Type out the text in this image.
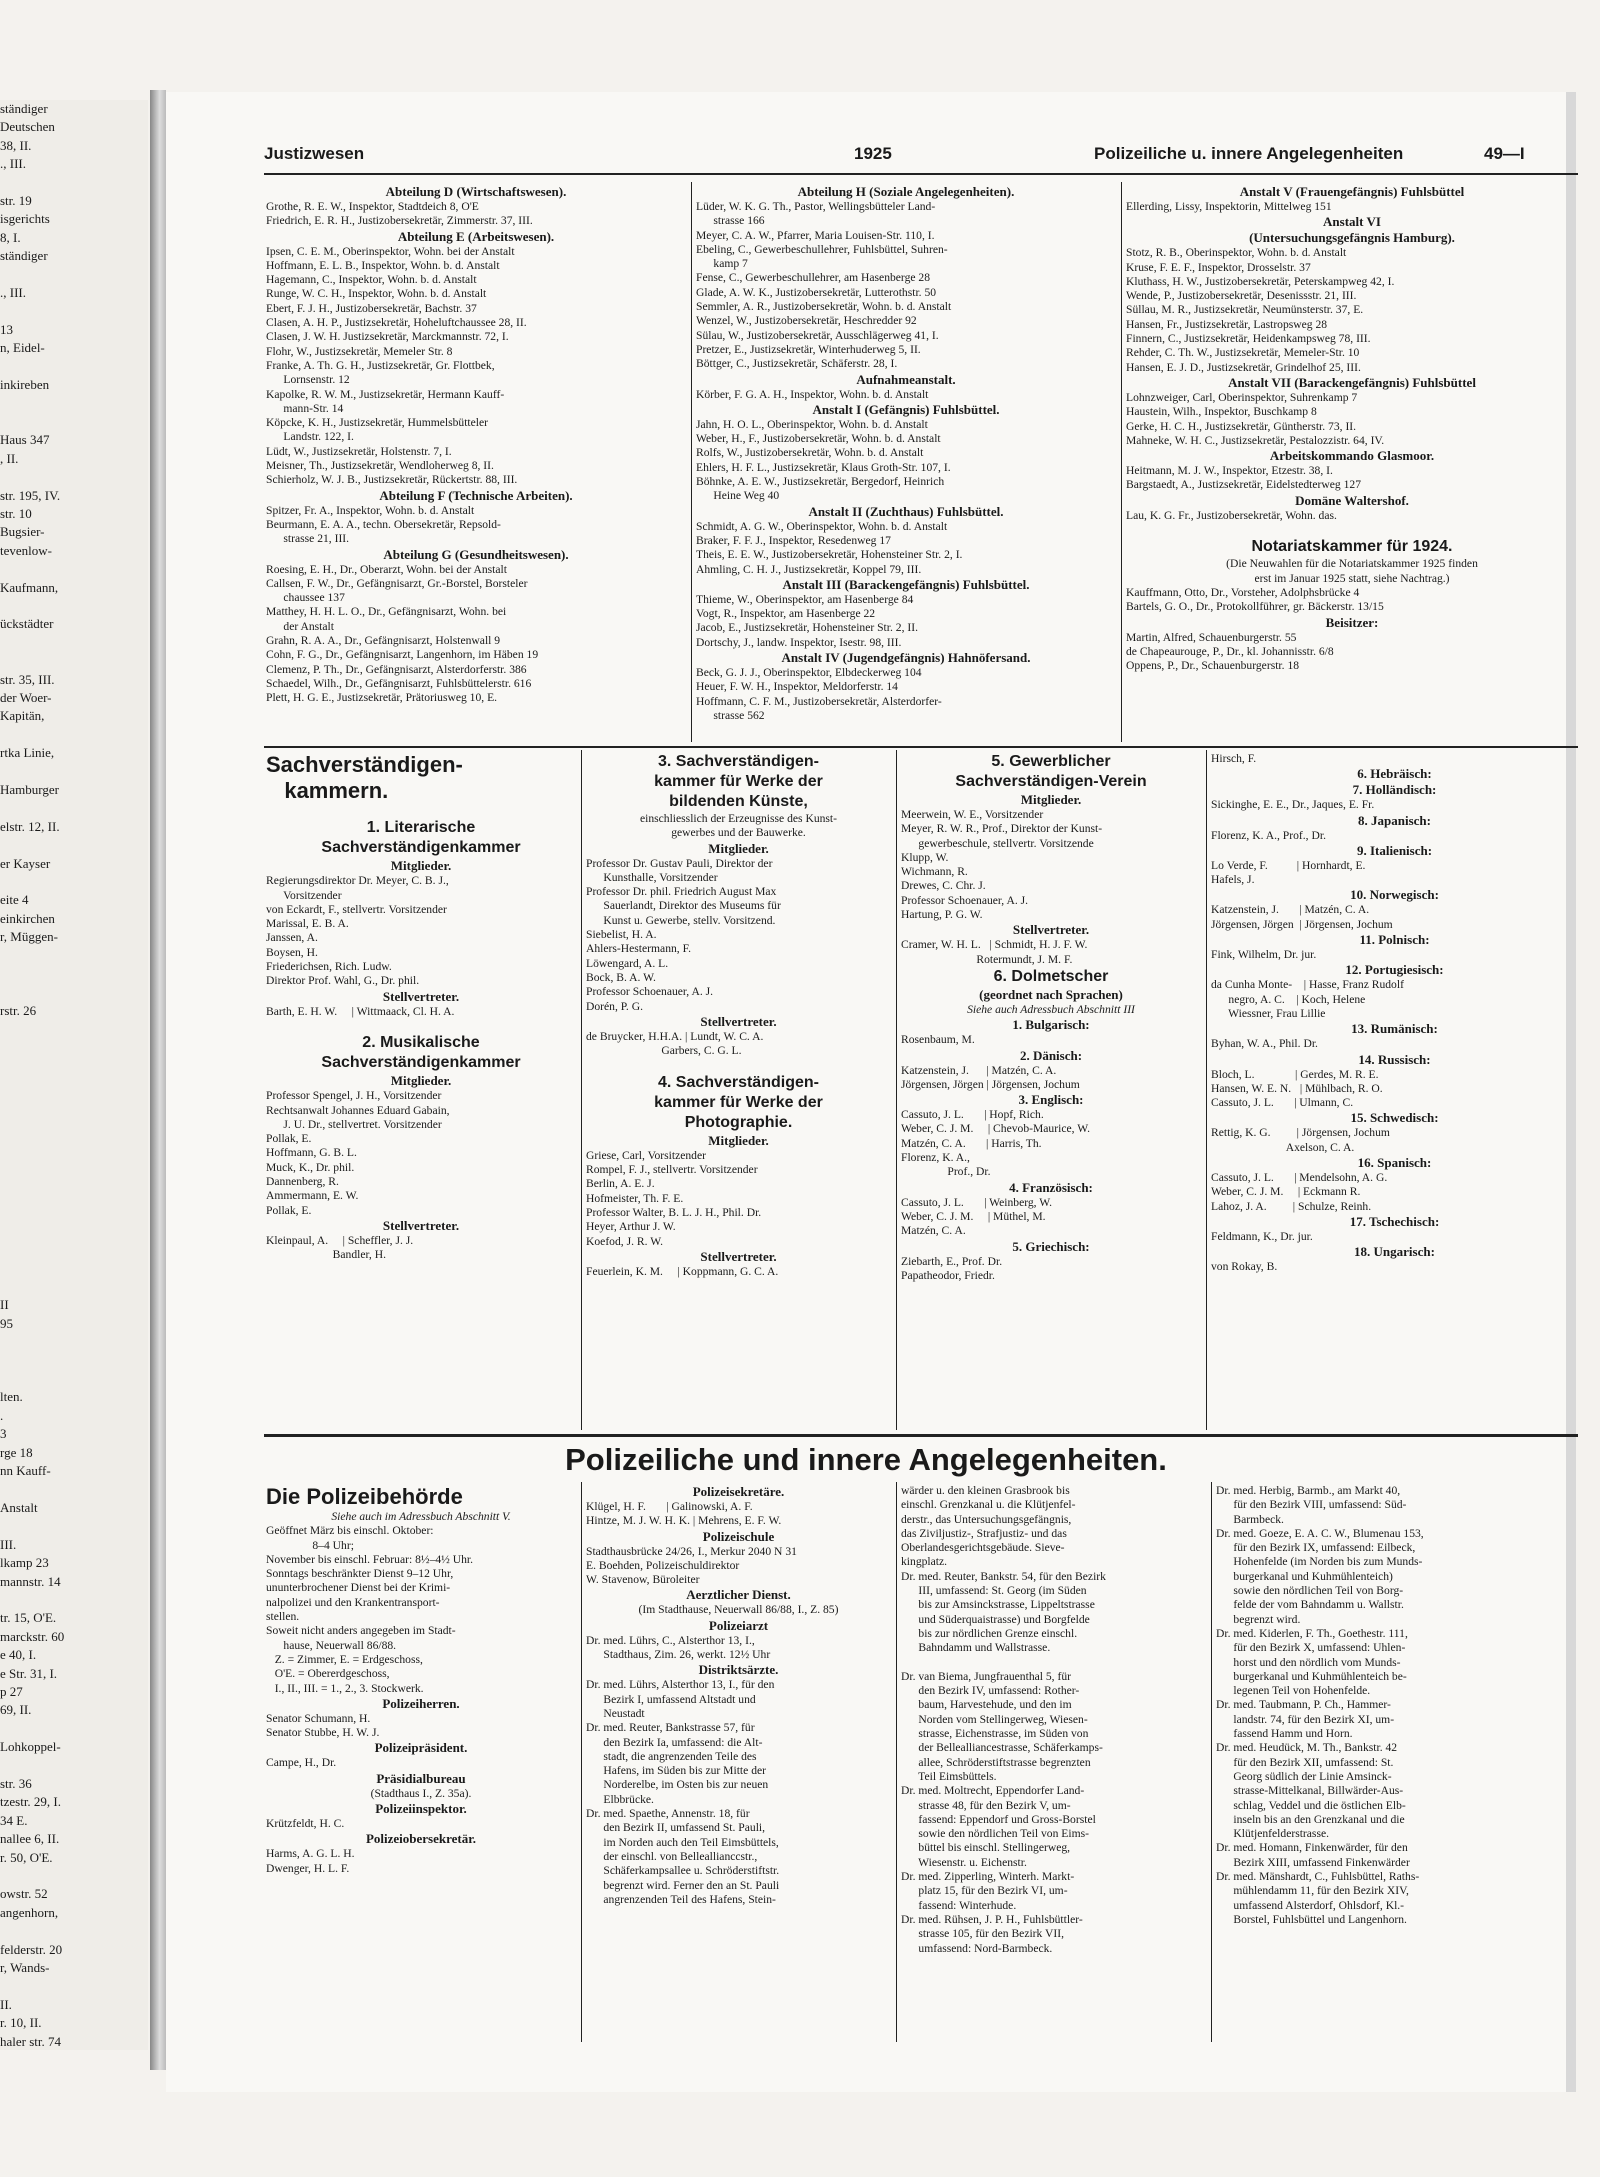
ständiger
Deutschen
38, II.
., III.

str. 19
isgerichts
8, I.
ständiger

., III.

13
n, Eidel-

inkireben

Haus 347
, II.

str. 195, IV.
str. 10
Bugsier-
tevenlow-

Kaufmann,

ückstädter

str. 35, III.
der Woer-
Kapitän,

rtka Linie,

Hamburger

elstr. 12, II.

er Kayser

eite 4
einkirchen
r, Müggen-

rstr. 26

II
95

lten.
.
3
rge 18
nn Kauff-

Anstalt

III.
lkamp 23
mannstr. 14

tr. 15, O'E.
marckstr. 60
e 40, I.
e Str. 31, I.
p 27
69, II.

Lohkoppel-

str. 36
tzestr. 29, I.
34 E.
nallee 6, II.
r. 50, O'E.

owstr. 52
angenhorn,

felderstr. 20
r, Wands-

II.
r. 10, II.
haler str. 74
Justizwesen	1925	Polizeiliche u. innere Angelegenheiten	49—I
Abteilung D (Wirtschaftswesen).
Grothe, R. E. W., Inspektor, Stadtdeich 8, O'E
Friedrich, E. R. H., Justizobersekretär, Zimmerstr. 37, III.
Abteilung E (Arbeitswesen).
Ipsen, C. E. M., Oberinspektor, Wohn. bei der Anstalt
Hoffmann, E. L. B., Inspektor, Wohn. b. d. Anstalt
Hagemann, C., Inspektor, Wohn. b. d. Anstalt
Runge, W. C. H., Inspektor, Wohn. b. d. Anstalt
Ebert, F. J. H., Justizobersekretär, Bachstr. 37
Clasen, A. H. P., Justizsekretär, Hoheluftchaussee 28, II.
Clasen, J. W. H. Justizsekretär, Marckmannstr. 72, I.
Flohr, W., Justizsekretär, Memeler Str. 8
Franke, A. Th. G. H., Justizsekretär, Gr. Flottbek,
Lornsenstr. 12
Kapolke, R. W. M., Justizsekretär, Hermann Kauff-
mann-Str. 14
Köpcke, K. H., Justizsekretär, Hummelsbütteler
Landstr. 122, I.
Lüdt, W., Justizsekretär, Holstenstr. 7, I.
Meisner, Th., Justizsekretär, Wendloherweg 8, II.
Schierholz, W. J. B., Justizsekretär, Rückertstr. 88, III.
Abteilung F (Technische Arbeiten).
Spitzer, Fr. A., Inspektor, Wohn. b. d. Anstalt
Beurmann, E. A. A., techn. Obersekretär, Repsold-
strasse 21, III.
Abteilung G (Gesundheitswesen).
Roesing, E. H., Dr., Oberarzt, Wohn. bei der Anstalt
Callsen, F. W., Dr., Gefängnisarzt, Gr.-Borstel, Borsteler
chaussee 137
Matthey, H. H. L. O., Dr., Gefängnisarzt, Wohn. bei
der Anstalt
Grahn, R. A. A., Dr., Gefängnisarzt, Holstenwall 9
Cohn, F. G., Dr., Gefängnisarzt, Langenhorn, im Häben 19
Clemenz, P. Th., Dr., Gefängnisarzt, Alsterdorferstr. 386
Schaedel, Wilh., Dr., Gefängnisarzt, Fuhlsbüttelerstr. 616
Plett, H. G. E., Justizsekretär, Prätoriusweg 10, E.
Abteilung H (Soziale Angelegenheiten).
Lüder, W. K. G. Th., Pastor, Wellingsbütteler Land-
strasse 166
Meyer, C. A. W., Pfarrer, Maria Louisen-Str. 110, I.
Ebeling, C., Gewerbeschullehrer, Fuhlsbüttel, Suhren-
kamp 7
Fense, C., Gewerbeschullehrer, am Hasenberge 28
Glade, A. W. K., Justizobersekretär, Lutterothstr. 50
Semmler, A. R., Justizobersekretär, Wohn. b. d. Anstalt
Wenzel, W., Justizobersekretär, Heschredder 92
Sülau, W., Justizobersekretär, Ausschlägerweg 41, I.
Pretzer, E., Justizsekretär, Winterhuderweg 5, II.
Böttger, C., Justizsekretär, Schäferstr. 28, I.
Aufnahmeanstalt.
Körber, F. G. A. H., Inspektor, Wohn. b. d. Anstalt
Anstalt I (Gefängnis) Fuhlsbüttel.
Jahn, H. O. L., Oberinspektor, Wohn. b. d. Anstalt
Weber, H., F., Justizobersekretär, Wohn. b. d. Anstalt
Rolfs, W., Justizobersekretär, Wohn. b. d. Anstalt
Ehlers, H. F. L., Justizsekretär, Klaus Groth-Str. 107, I.
Böhnke, A. E. W., Justizsekretär, Bergedorf, Heinrich
Heine Weg 40
Anstalt II (Zuchthaus) Fuhlsbüttel.
Schmidt, A. G. W., Oberinspektor, Wohn. b. d. Anstalt
Braker, F. F. J., Inspektor, Resedenweg 17
Theis, E. E. W., Justizobersekretär, Hohensteiner Str. 2, I.
Ahmling, C. H. J., Justizsekretär, Koppel 79, III.
Anstalt III (Barackengefängnis) Fuhlsbüttel.
Thieme, W., Oberinspektor, am Hasenberge 84
Vogt, R., Inspektor, am Hasenberge 22
Jacob, E., Justizsekretär, Hohensteiner Str. 2, II.
Dortschy, J., landw. Inspektor, Isestr. 98, III.
Anstalt IV (Jugendgefängnis) Hahnöfersand.
Beck, G. J. J., Oberinspektor, Elbdeckerweg 104
Heuer, F. W. H., Inspektor, Meldorferstr. 14
Hoffmann, C. F. M., Justizobersekretär, Alsterdorfer-
strasse 562
Anstalt V (Frauengefängnis) Fuhlsbüttel
Ellerding, Lissy, Inspektorin, Mittelweg 151
Anstalt VI
(Untersuchungsgefängnis Hamburg).
Stotz, R. B., Oberinspektor, Wohn. b. d. Anstalt
Kruse, F. E. F., Inspektor, Drosselstr. 37
Kluthass, H. W., Justizobersekretär, Peterskampweg 42, I.
Wende, P., Justizobersekretär, Desenissstr. 21, III.
Süllau, M. R., Justizsekretär, Neumünsterstr. 37, E.
Hansen, Fr., Justizsekretär, Lastropsweg 28
Finnern, C., Justizsekretär, Heidenkampsweg 78, III.
Rehder, C. Th. W., Justizsekretär, Memeler-Str. 10
Hansen, E. J. D., Justizsekretär, Grindelhof 25, III.
Anstalt VII (Barackengefängnis) Fuhlsbüttel
Lohnzweiger, Carl, Oberinspektor, Suhrenkamp 7
Haustein, Wilh., Inspektor, Buschkamp 8
Gerke, H. C. H., Justizsekretär, Güntherstr. 73, II.
Mahneke, W. H. C., Justizsekretär, Pestalozzistr. 64, IV.
Arbeitskommando Glasmoor.
Heitmann, M. J. W., Inspektor, Etzestr. 38, I.
Bargstaedt, A., Justizsekretär, Eidelstedterweg 127
Domäne Waltershof.
Lau, K. G. Fr., Justizobersekretär, Wohn. das.

Notariatskammer für 1924.
(Die Neuwahlen für die Notariatskammer 1925 finden
erst im Januar 1925 statt, siehe Nachtrag.)
Kauffmann, Otto, Dr., Vorsteher, Adolphsbrücke 4
Bartels, G. O., Dr., Protokollführer, gr. Bäckerstr. 13/15
Beisitzer:
Martin, Alfred, Schauenburgerstr. 55
de Chapeaurouge, P., Dr., kl. Johannisstr. 6/8
Oppens, P., Dr., Schauenburgerstr. 18
Sachverständigen-
kammern.

1. Literarische
Sachverständigenkammer
Mitglieder.
Regierungsdirektor Dr. Meyer, C. B. J.,
Vorsitzender
von Eckardt, F., stellvertr. Vorsitzender
Marissal, E. B. A.
Janssen, A.
Boysen, H.
Friederichsen, Rich. Ludw.
Direktor Prof. Wahl, G., Dr. phil.
Stellvertreter.
Barth, E. H. W.     | Wittmaack, Cl. H. A.

2. Musikalische
Sachverständigenkammer
Mitglieder.
Professor Spengel, J. H., Vorsitzender
Rechtsanwalt Johannes Eduard Gabain,
J. U. Dr., stellvertret. Vorsitzender
Pollak, E.
Hoffmann, G. B. L.
Muck, K., Dr. phil.
Dannenberg, R.
Ammermann, E. W.
Pollak, E.
Stellvertreter.
Kleinpaul, A.     | Scheffler, J. J.
Bandler, H.
3. Sachverständigen-
kammer für Werke der
bildenden Künste,
einschliesslich der Erzeugnisse des Kunst-
gewerbes und der Bauwerke.
Mitglieder.
Professor Dr. Gustav Pauli, Direktor der
Kunsthalle, Vorsitzender
Professor Dr. phil. Friedrich August Max
Sauerlandt, Direktor des Museums für
Kunst u. Gewerbe, stellv. Vorsitzend.
Siebelist, H. A.
Ahlers-Hestermann, F.
Löwengard, A. L.
Bock, B. A. W.
Professor Schoenauer, A. J.
Dorén, P. G.
Stellvertreter.
de Bruycker, H.H.A. | Lundt, W. C. A.
Garbers, C. G. L.

4. Sachverständigen-
kammer für Werke der
Photographie.
Mitglieder.
Griese, Carl, Vorsitzender
Rompel, F. J., stellvertr. Vorsitzender
Berlin, A. E. J.
Hofmeister, Th. F. E.
Professor Walter, B. L. J. H., Phil. Dr.
Heyer, Arthur J. W.
Koefod, J. R. W.
Stellvertreter.
Feuerlein, K. M.     | Koppmann, G. C. A.
5. Gewerblicher
Sachverständigen-Verein
Mitglieder.
Meerwein, W. E., Vorsitzender
Meyer, R. W. R., Prof., Direktor der Kunst-
gewerbeschule, stellvertr. Vorsitzende
Klupp, W.
Wichmann, R.
Drewes, C. Chr. J.
Professor Schoenauer, A. J.
Hartung, P. G. W.
Stellvertreter.
Cramer, W. H. L.   | Schmidt, H. J. F. W.
Rotermundt, J. M. F.
6. Dolmetscher
(geordnet nach Sprachen)
Siehe auch Adressbuch Abschnitt III
1. Bulgarisch:
Rosenbaum, M.
2. Dänisch:
Katzenstein, J.      | Matzén, C. A.
Jörgensen, Jörgen | Jörgensen, Jochum
3. Englisch:
Cassuto, J. L.       | Hopf, Rich.
Weber, C. J. M.     | Chevob-Maurice, W.
Matzén, C. A.       | Harris, Th.
Florenz, K. A.,
Prof., Dr.
4. Französisch:
Cassuto, J. L.       | Weinberg, W.
Weber, C. J. M.     | Müthel, M.
Matzén, C. A.
5. Griechisch:
Ziebarth, E., Prof. Dr.
Papatheodor, Friedr.
Hirsch, F.
6. Hebräisch:
7. Holländisch:
Sickinghe, E. E., Dr., Jaques, E. Fr.
8. Japanisch:
Florenz, K. A., Prof., Dr.
9. Italienisch:
Lo Verde, F.          | Hornhardt, E.
Hafels, J.
10. Norwegisch:
Katzenstein, J.       | Matzén, C. A.
Jörgensen, Jörgen  | Jörgensen, Jochum
11. Polnisch:
Fink, Wilhelm, Dr. jur.
12. Portugiesisch:
da Cunha Monte-    | Hasse, Franz Rudolf
negro, A. C.    | Koch, Helene
Wiessner, Frau Lillie
13. Rumänisch:
Byhan, W. A., Phil. Dr.
14. Russisch:
Bloch, L.              | Gerdes, M. R. E.
Hansen, W. E. N.   | Mühlbach, R. O.
Cassuto, J. L.       | Ulmann, C.
15. Schwedisch:
Rettig, K. G.         | Jörgensen, Jochum
Axelson, C. A.
16. Spanisch:
Cassuto, J. L.       | Mendelsohn, A. G.
Weber, C. J. M.     | Eckmann R.
Lahoz, J. A.         | Schulze, Reinh.
17. Tschechisch:
Feldmann, K., Dr. jur.
18. Ungarisch:
von Rokay, B.
Polizeiliche und innere Angelegenheiten.
Die Polizeibehörde
Siehe auch im Adressbuch Abschnitt V.
Geöffnet März bis einschl. Oktober:
8–4 Uhr;
November bis einschl. Februar: 8½–4½ Uhr.
Sonntags beschränkter Dienst 9–12 Uhr,
ununterbrochener Dienst bei der Krimi-
nalpolizei und den Krankentransport-
stellen.
Soweit nicht anders angegeben im Stadt-
hause, Neuerwall 86/88.
Z. = Zimmer, E. = Erdgeschoss,
O'E. = Obererdgeschoss,
I., II., III. = 1., 2., 3. Stockwerk.
Polizeiherren.
Senator Schumann, H.
Senator Stubbe, H. W. J.
Polizeipräsident.
Campe, H., Dr.
Präsidialbureau
(Stadthaus I., Z. 35a).
Polizeiinspektor.
Krützfeldt, H. C.
Polizeiobersekretär.
Harms, A. G. L. H.
Dwenger, H. L. F.
Polizeisekretäre.
Klügel, H. F.       | Galinowski, A. F.
Hintze, M. J. W. H. K. | Mehrens, E. F. W.
Polizeischule
Stadthausbrücke 24/26, I., Merkur 2040 N 31
E. Boehden, Polizeischuldirektor
W. Stavenow, Büroleiter
Aerztlicher Dienst.
(Im Stadthause, Neuerwall 86/88, I., Z. 85)
Polizeiarzt
Dr. med. Lührs, C., Alsterthor 13, I.,
Stadthaus, Zim. 26, werkt. 12½ Uhr
Distriktsärzte.
Dr. med. Lührs, Alsterthor 13, I., für den
Bezirk I, umfassend Altstadt und
Neustadt
Dr. med. Reuter, Bankstrasse 57, für
den Bezirk Ia, umfassend: die Alt-
stadt, die angrenzenden Teile des
Hafens, im Süden bis zur Mitte der
Norderelbe, im Osten bis zur neuen
Elbbrücke.
Dr. med. Spaethe, Annenstr. 18, für
den Bezirk II, umfassend St. Pauli,
im Norden auch den Teil Eimsbüttels,
der einschl. von Belleallianccstr.,
Schäferkampsallee u. Schröderstiftstr.
begrenzt wird. Ferner den an St. Pauli
angrenzenden Teil des Hafens, Stein-
wärder u. den kleinen Grasbrook bis
einschl. Grenzkanal u. die Klütjenfel-
derstr., das Untersuchungsgefängnis,
das Ziviljustiz-, Strafjustiz- und das
Oberlandesgerichtsgebäude. Sieve-
kingplatz.
Dr. med. Reuter, Bankstr. 54, für den Bezirk
III, umfassend: St. Georg (im Süden
bis zur Amsinckstrasse, Lippeltstrasse
und Süderquaistrasse) und Borgfelde
bis zur nördlichen Grenze einschl.
Bahndamm und Wallstrasse.

Dr. van Biema, Jungfrauenthal 5, für
den Bezirk IV, umfassend: Rother-
baum, Harvestehude, und den im
Norden vom Stellingerweg, Wiesen-
strasse, Eichenstrasse, im Süden von
der Bellealliancestrasse, Schäferkamps-
allee, Schröderstiftstrasse begrenzten
Teil Eimsbüttels.
Dr. med. Moltrecht, Eppendorfer Land-
strasse 48, für den Bezirk V, um-
fassend: Eppendorf und Gross-Borstel
sowie den nördlichen Teil von Eims-
büttel bis einschl. Stellingerweg,
Wiesenstr. u. Eichenstr.
Dr. med. Zipperling, Winterh. Markt-
platz 15, für den Bezirk VI, um-
fassend: Winterhude.
Dr. med. Rühsen, J. P. H., Fuhlsbüttler-
strasse 105, für den Bezirk VII,
umfassend: Nord-Barmbeck.
Dr. med. Herbig, Barmb., am Markt 40,
für den Bezirk VIII, umfassend: Süd-
Barmbeck.
Dr. med. Goeze, E. A. C. W., Blumenau 153,
für den Bezirk IX, umfassend: Eilbeck,
Hohenfelde (im Norden bis zum Munds-
burgerkanal und Kuhmühlenteich)
sowie den nördlichen Teil von Borg-
felde der vom Bahndamm u. Wallstr.
begrenzt wird.
Dr. med. Kiderlen, F. Th., Goethestr. 111,
für den Bezirk X, umfassend: Uhlen-
horst und den nördlich vom Munds-
burgerkanal und Kuhmühlenteich be-
legenen Teil von Hohenfelde.
Dr. med. Taubmann, P. Ch., Hammer-
landstr. 74, für den Bezirk XI, um-
fassend Hamm und Horn.
Dr. med. Heudück, M. Th., Bankstr. 42
für den Bezirk XII, umfassend: St.
Georg südlich der Linie Amsinck-
strasse-Mittelkanal, Billwärder-Aus-
schlag, Veddel und die östlichen Elb-
inseln bis an den Grenzkanal und die
Klütjenfelderstrasse.
Dr. med. Homann, Finkenwärder, für den
Bezirk XIII, umfassend Finkenwärder
Dr. med. Mänshardt, C., Fuhlsbüttel, Raths-
mühlendamm 11, für den Bezirk XIV,
umfassend Alsterdorf, Ohlsdorf, Kl.-
Borstel, Fuhlsbüttel und Langenhorn.
